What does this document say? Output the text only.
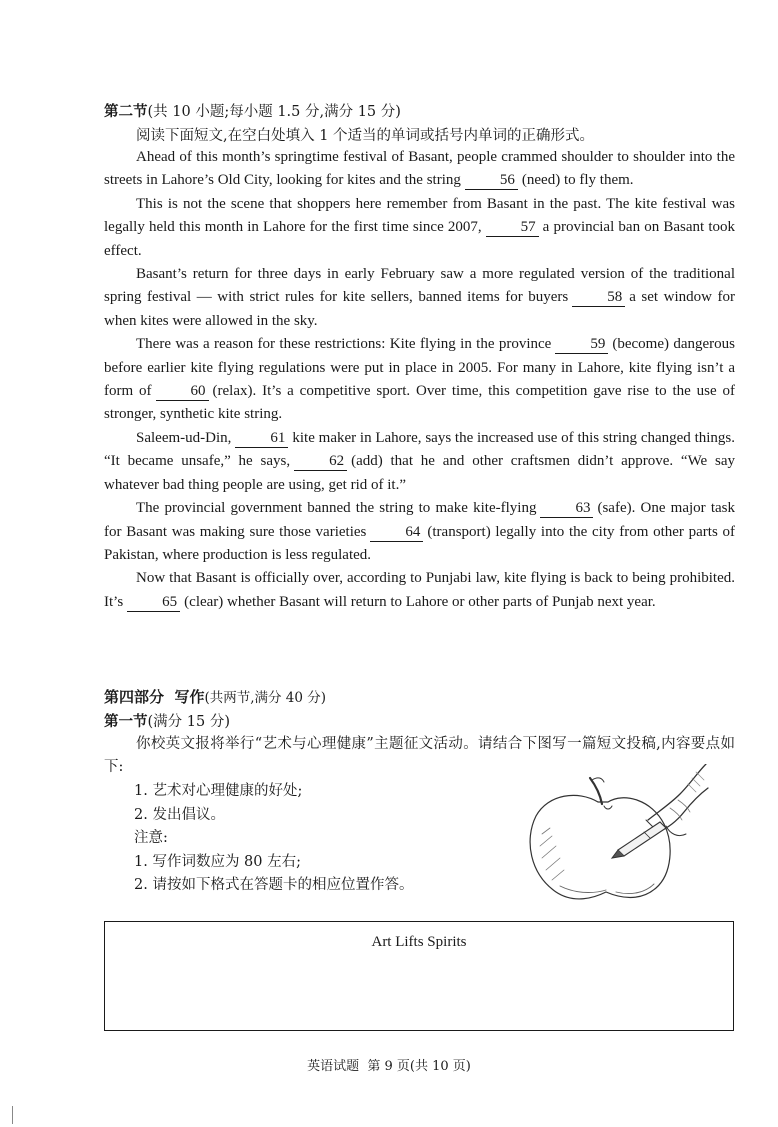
第二节(共 10 小题;每小题 1.5 分,满分 15 分)
阅读下面短文,在空白处填入 1 个适当的单词或括号内单词的正确形式。

Ahead of this month’s springtime festival of Basant, people crammed shoulder to shoulder into the streets in Lahore’s Old City, looking for kites and the string	56 (need) to fly them.

This is not the scene that shoppers here remember from Basant in the past. The kite festival was legally held this month in Lahore for the first time since 2007,	57 a provincial ban on Basant took effect.

Basant’s return for three days in early February saw a more regulated version of the traditional spring festival — with strict rules for kite sellers, banned items for buyers	58 a set window for when kites were allowed in the sky.

There was a reason for these restrictions: Kite flying in the province	59 (become) dangerous before earlier kite flying regulations were put in place in 2005. For many in Lahore, kite flying isn’t a form of	60 (relax). It’s a competitive sport. Over time, this competition gave rise to the use of stronger, synthetic kite string.

Saleem-ud-Din,	61 kite maker in Lahore, says the increased use of this string changed things. “It became unsafe,” he says,	62 (add) that he and other craftsmen didn’t approve. “We say whatever bad thing people are using, get rid of it.”

The provincial government banned the string to make kite-flying	63 (safe). One major task for Basant was making sure those varieties	64 (transport) legally into the city from other parts of Pakistan, where production is less regulated.

Now that Basant is officially over, according to Punjabi law, kite flying is back to being prohibited. It’s	65 (clear) whether Basant will return to Lahore or other parts of Punjab next year.

第四部分  写作(共两节,满分 40 分)
第一节(满分 15 分)
你校英文报将举行“艺术与心理健康”主题征文活动。请结合下图写一篇短文投稿,内容要点如下:
1. 艺术对心理健康的好处;
2. 发出倡议。
注意:
1. 写作词数应为 80 左右;
2. 请按如下格式在答题卡的相应位置作答。
Art Lifts Spirits
英语试题  第 9 页(共 10 页)
